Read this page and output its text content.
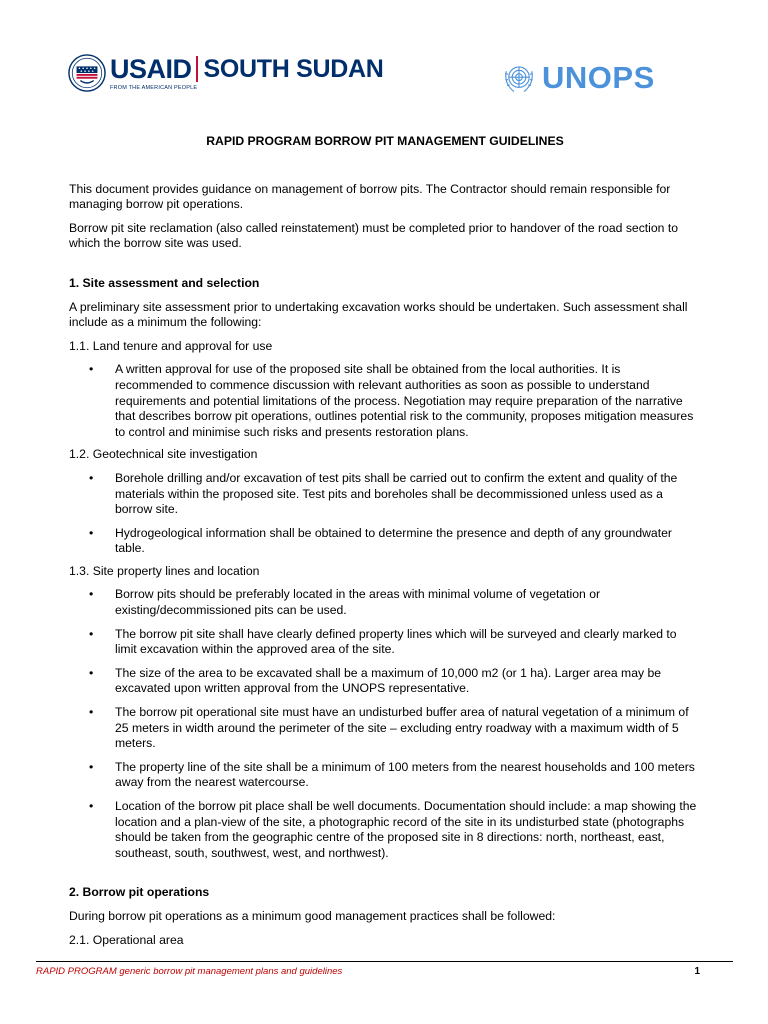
USAID SOUTH SUDAN
FROM THE AMERICAN PEOPLE	UNOPS
RAPID PROGRAM BORROW PIT MANAGEMENT GUIDELINES

This document provides guidance on management of borrow pits. The Contractor should remain responsible for managing borrow pit operations.

Borrow pit site reclamation (also called reinstatement) must be completed prior to handover of the road section to which the borrow site was used.

1. Site assessment and selection

A preliminary site assessment prior to undertaking excavation works should be undertaken. Such assessment shall include as a minimum the following:

1.1. Land tenure and approval for use

• A written approval for use of the proposed site shall be obtained from the local authorities. It is recommended to commence discussion with relevant authorities as soon as possible to understand requirements and potential limitations of the process. Negotiation may require preparation of the narrative that describes borrow pit operations, outlines potential risk to the community, proposes mitigation measures to control and minimise such risks and presents restoration plans.

1.2. Geotechnical site investigation

• Borehole drilling and/or excavation of test pits shall be carried out to confirm the extent and quality of the materials within the proposed site. Test pits and boreholes shall be decommissioned unless used as a borrow site.
• Hydrogeological information shall be obtained to determine the presence and depth of any groundwater table.

1.3. Site property lines and location

• Borrow pits should be preferably located in the areas with minimal volume of vegetation or existing/decommissioned pits can be used.
• The borrow pit site shall have clearly defined property lines which will be surveyed and clearly marked to limit excavation within the approved area of the site.
• The size of the area to be excavated shall be a maximum of 10,000 m2 (or 1 ha). Larger area may be excavated upon written approval from the UNOPS representative.
• The borrow pit operational site must have an undisturbed buffer area of natural vegetation of a minimum of 25 meters in width around the perimeter of the site – excluding entry roadway with a maximum width of 5 meters.
• The property line of the site shall be a minimum of 100 meters from the nearest households and 100 meters away from the nearest watercourse.
• Location of the borrow pit place shall be well documents. Documentation should include: a map showing the location and a plan-view of the site, a photographic record of the site in its undisturbed state (photographs should be taken from the geographic centre of the proposed site in 8 directions: north, northeast, east, southeast, south, southwest, west, and northwest).

2. Borrow pit operations

During borrow pit operations as a minimum good management practices shall be followed:

2.1. Operational area

RAPID PROGRAM generic borrow pit management plans and guidelines	1
